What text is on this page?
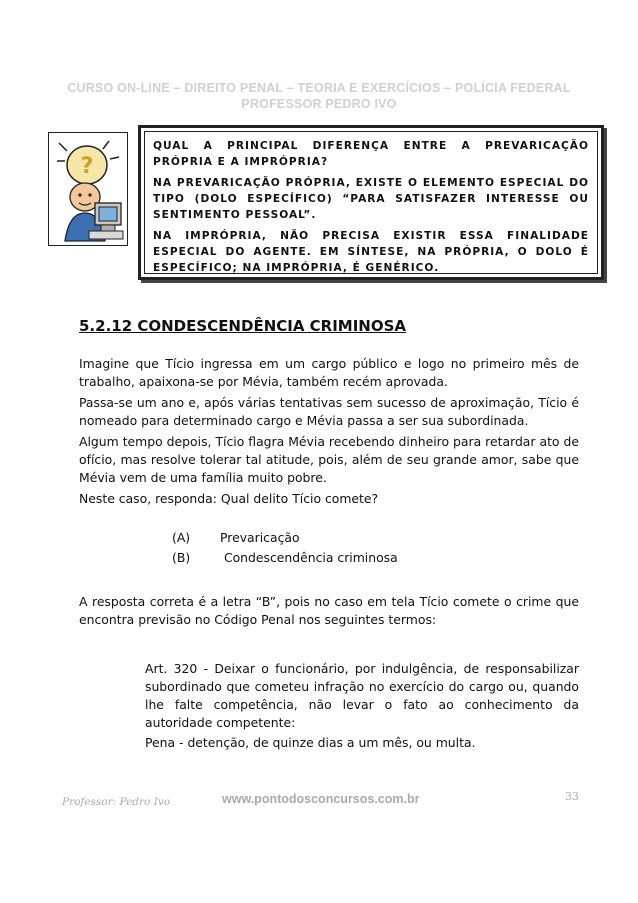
CURSO ON-LINE – DIREITO PENAL – TEORIA E EXERCÍCIOS – POLÍCIA FEDERAL
PROFESSOR PEDRO IVO
?

QUAL A PRINCIPAL DIFERENÇA ENTRE A PREVARICAÇÃO PRÓPRIA E A IMPRÓPRIA?

NA PREVARICAÇÃO PRÓPRIA, EXISTE O ELEMENTO ESPECIAL DO TIPO (DOLO ESPECÍFICO) “PARA SATISFAZER INTERESSE OU SENTIMENTO PESSOAL”.

NA IMPRÓPRIA, NÃO PRECISA EXISTIR ESSA FINALIDADE ESPECIAL DO AGENTE. EM SÍNTESE, NA PRÓPRIA, O DOLO É ESPECÍFICO; NA IMPRÓPRIA, É GENÉRICO.

5.2.12 CONDESCENDÊNCIA CRIMINOSA

Imagine que Tício ingressa em um cargo público e logo no primeiro mês de trabalho, apaixona-se por Mévia, também recém aprovada.

Passa-se um ano e, após várias tentativas sem sucesso de aproximação, Tício é nomeado para determinado cargo e Mévia passa a ser sua subordinada.

Algum tempo depois, Tício flagra Mévia recebendo dinheiro para retardar ato de ofício, mas resolve tolerar tal atitude, pois, além de seu grande amor, sabe que Mévia vem de uma família muito pobre.

Neste caso, responda: Qual delito Tício comete?

(A) Prevaricação
(B) Condescendência criminosa

A resposta correta é a letra “B”, pois no caso em tela Tício comete o crime que encontra previsão no Código Penal nos seguintes termos:

Art. 320 - Deixar o funcionário, por indulgência, de responsabilizar subordinado que cometeu infração no exercício do cargo ou, quando lhe falte competência, não levar o fato ao conhecimento da autoridade competente:

Pena - detenção, de quinze dias a um mês, ou multa.

Professor: Pedro Ivo	www.pontodosconcursos.com.br	33
